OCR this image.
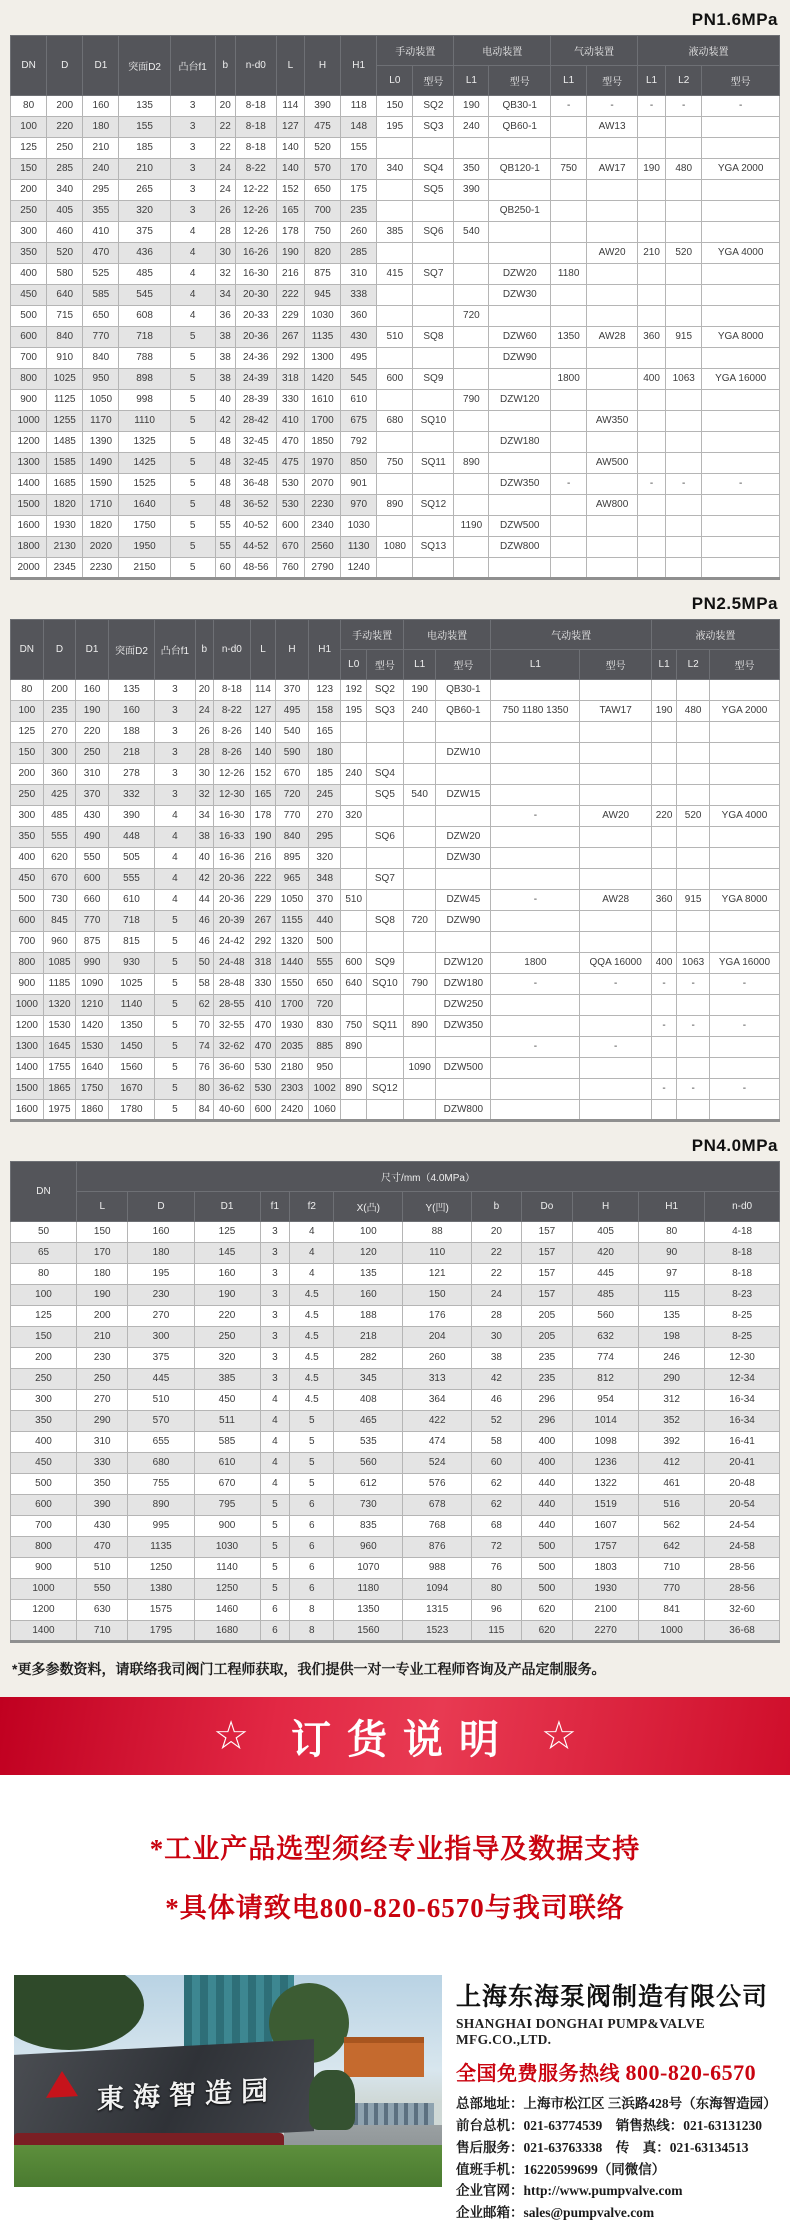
PN1.6MPa
DN	D	D1	突面D2	凸台f1	b	n-d0	L	H	H1	手动装置		电动装置		气动装置		液动装置		
										L0	型号	L1	型号	L1	型号	L1	L2	型号
80	200	160	135	3	20	8-18	114	390	118	150	SQ2	190	QB30-1	-	-	-	-	-
100	220	180	155	3	22	8-18	127	475	148	195	SQ3	240	QB60-1		AW13			
125	250	210	185	3	22	8-18	140	520	155									
150	285	240	210	3	24	8-22	140	570	170	340	SQ4	350	QB120-1	750	AW17	190	480	YGA 2000
200	340	295	265	3	24	12-22	152	650	175		SQ5	390						
250	405	355	320	3	26	12-26	165	700	235				QB250-1					
300	460	410	375	4	28	12-26	178	750	260	385	SQ6	540						
350	520	470	436	4	30	16-26	190	820	285						AW20	210	520	YGA 4000
400	580	525	485	4	32	16-30	216	875	310	415	SQ7		DZW20	1180				
450	640	585	545	4	34	20-30	222	945	338				DZW30					
500	715	650	608	4	36	20-33	229	1030	360			720						
600	840	770	718	5	38	20-36	267	1135	430	510	SQ8		DZW60	1350	AW28	360	915	YGA 8000
700	910	840	788	5	38	24-36	292	1300	495				DZW90					
800	1025	950	898	5	38	24-39	318	1420	545	600	SQ9			1800		400	1063	YGA 16000
900	1125	1050	998	5	40	28-39	330	1610	610			790	DZW120					
1000	1255	1170	1110	5	42	28-42	410	1700	675	680	SQ10				AW350			
1200	1485	1390	1325	5	48	32-45	470	1850	792				DZW180					
1300	1585	1490	1425	5	48	32-45	475	1970	850	750	SQ11	890			AW500			
1400	1685	1590	1525	5	48	36-48	530	2070	901				DZW350	-		-	-	-
1500	1820	1710	1640	5	48	36-52	530	2230	970	890	SQ12				AW800			
1600	1930	1820	1750	5	55	40-52	600	2340	1030			1190	DZW500					
1800	2130	2020	1950	5	55	44-52	670	2560	1130	1080	SQ13		DZW800					
2000	2345	2230	2150	5	60	48-56	760	2790	1240									
PN2.5MPa
DN	D	D1	突面D2	凸台f1	b	n-d0	L	H	H1	手动装置		电动装置		气动装置		液动装置		
										L0	型号	L1	型号	L1	型号	L1	L2	型号
80	200	160	135	3	20	8-18	114	370	123	192	SQ2	190	QB30-1					
100	235	190	160	3	24	8-22	127	495	158	195	SQ3	240	QB60-1	750 1180 1350	TAW17	190	480	YGA 2000
125	270	220	188	3	26	8-26	140	540	165									
150	300	250	218	3	28	8-26	140	590	180				DZW10					
200	360	310	278	3	30	12-26	152	670	185	240	SQ4							
250	425	370	332	3	32	12-30	165	720	245		SQ5	540	DZW15					
300	485	430	390	4	34	16-30	178	770	270	320				-	AW20	220	520	YGA 4000
350	555	490	448	4	38	16-33	190	840	295		SQ6		DZW20					
400	620	550	505	4	40	16-36	216	895	320				DZW30					
450	670	600	555	4	42	20-36	222	965	348		SQ7							
500	730	660	610	4	44	20-36	229	1050	370	510			DZW45	-	AW28	360	915	YGA 8000
600	845	770	718	5	46	20-39	267	1155	440		SQ8	720	DZW90					
700	960	875	815	5	46	24-42	292	1320	500									
800	1085	990	930	5	50	24-48	318	1440	555	600	SQ9		DZW120	1800	QQA 16000	400	1063	YGA 16000
900	1185	1090	1025	5	58	28-48	330	1550	650	640	SQ10	790	DZW180	-	-	-	-	-
1000	1320	1210	1140	5	62	28-55	410	1700	720				DZW250					
1200	1530	1420	1350	5	70	32-55	470	1930	830	750	SQ11	890	DZW350			-	-	-
1300	1645	1530	1450	5	74	32-62	470	2035	885	890				-	-			
1400	1755	1640	1560	5	76	36-60	530	2180	950			1090	DZW500					
1500	1865	1750	1670	5	80	36-62	530	2303	1002	890	SQ12					-	-	-
1600	1975	1860	1780	5	84	40-60	600	2420	1060				DZW800					
PN4.0MPa
DN	尺寸/mm（4.0MPa）											
	L	D	D1	f1	f2	X(凸)	Y(凹)	b	Do	H	H1	n-d0
50	150	160	125	3	4	100	88	20	157	405	80	4-18
65	170	180	145	3	4	120	110	22	157	420	90	8-18
80	180	195	160	3	4	135	121	22	157	445	97	8-18
100	190	230	190	3	4.5	160	150	24	157	485	115	8-23
125	200	270	220	3	4.5	188	176	28	205	560	135	8-25
150	210	300	250	3	4.5	218	204	30	205	632	198	8-25
200	230	375	320	3	4.5	282	260	38	235	774	246	12-30
250	250	445	385	3	4.5	345	313	42	235	812	290	12-34
300	270	510	450	4	4.5	408	364	46	296	954	312	16-34
350	290	570	511	4	5	465	422	52	296	1014	352	16-34
400	310	655	585	4	5	535	474	58	400	1098	392	16-41
450	330	680	610	4	5	560	524	60	400	1236	412	20-41
500	350	755	670	4	5	612	576	62	440	1322	461	20-48
600	390	890	795	5	6	730	678	62	440	1519	516	20-54
700	430	995	900	5	6	835	768	68	440	1607	562	24-54
800	470	1135	1030	5	6	960	876	72	500	1757	642	24-58
900	510	1250	1140	5	6	1070	988	76	500	1803	710	28-56
1000	550	1380	1250	5	6	1180	1094	80	500	1930	770	28-56
1200	630	1575	1460	6	8	1350	1315	96	620	2100	841	32-60
1400	710	1795	1680	6	8	1560	1523	115	620	2270	1000	36-68
*更多参数资料，请联络我司阀门工程师获取，我们提供一对一专业工程师咨询及产品定制服务。
☆	订货说明 ☆
*工业产品选型须经专业指导及数据支持
*具体请致电800-820-6570与我司联络
東海智造园
上海东海泵阀制造有限公司
SHANGHAI DONGHAI PUMP&VALVE MFG.CO.,LTD.
全国免费服务热线 800-820-6570
总部地址：上海市松江区 三浜路428号（东海智造园）
前台总机：021-63774539　销售热线：021-63131230
售后服务：021-63763338　传　真：021-63134513
值班手机：16220599699（同微信）
企业官网：http://www.pumpvalve.com
企业邮箱：sales@pumpvalve.com
